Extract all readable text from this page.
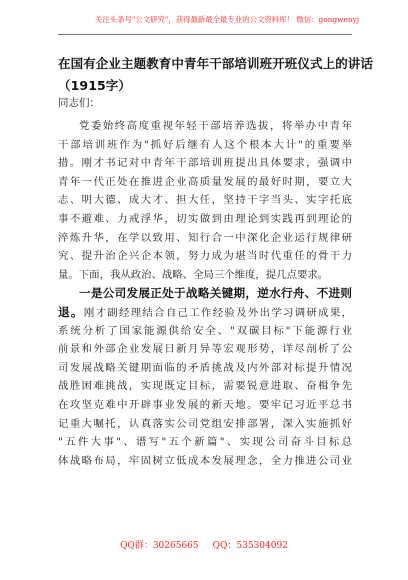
关注头条号"公文研究"，获得最新最全最专业的公文资料库！ 微信：gongwenyj
在国有企业主题教育中青年干部培训班开班仪式上的讲话
（1915字）
同志们：
党委始终高度重视年轻干部培养选拔，将举办中青年
干部培训班作为"抓好后继有人这个根本大计"的重要举
措。刚才书记对中青年干部培训班提出具体要求，强调中
青年一代正处在推进企业高质量发展的最好时期，要立大
志、明大德、成大才、担大任，坚持干字当头、实字托底
事不避难、力戒浮华，切实做到由理论到实践再到理论的
淬炼升华，在学以致用、知行合一中深化企业运行规律研
究、提升治企兴企本领，努力成为堪当时代重任的骨干力
量。下面，我从政治、战略、全局三个维度，提几点要求。
一是公司发展正处于战略关键期，逆水行舟、不进则
退。刚才副经理结合自己工作经验及外出学习调研成果，
系统分析了国家能源供给安全、"双碳目标"下能源行业
前景和外部企业发展日新月异等宏观形势，详尽剖析了公
司发展战略关键期面临的矛盾挑战及内外部对标提升情况
战胜困难挑战，实现既定目标，需要锐意进取、奋楫争先
在攻坚克难中开辟事业发展的新天地。要牢记习近平总书
记重大嘱托，认真落实公司党组安排部署，深入实施抓好
"五件大事"、谱写"五个新篇"、实现公司奋斗目标总
体战略布局，牢固树立低成本发展理念，全力推进公司业
QQ群：30265665 QQ：535304092
